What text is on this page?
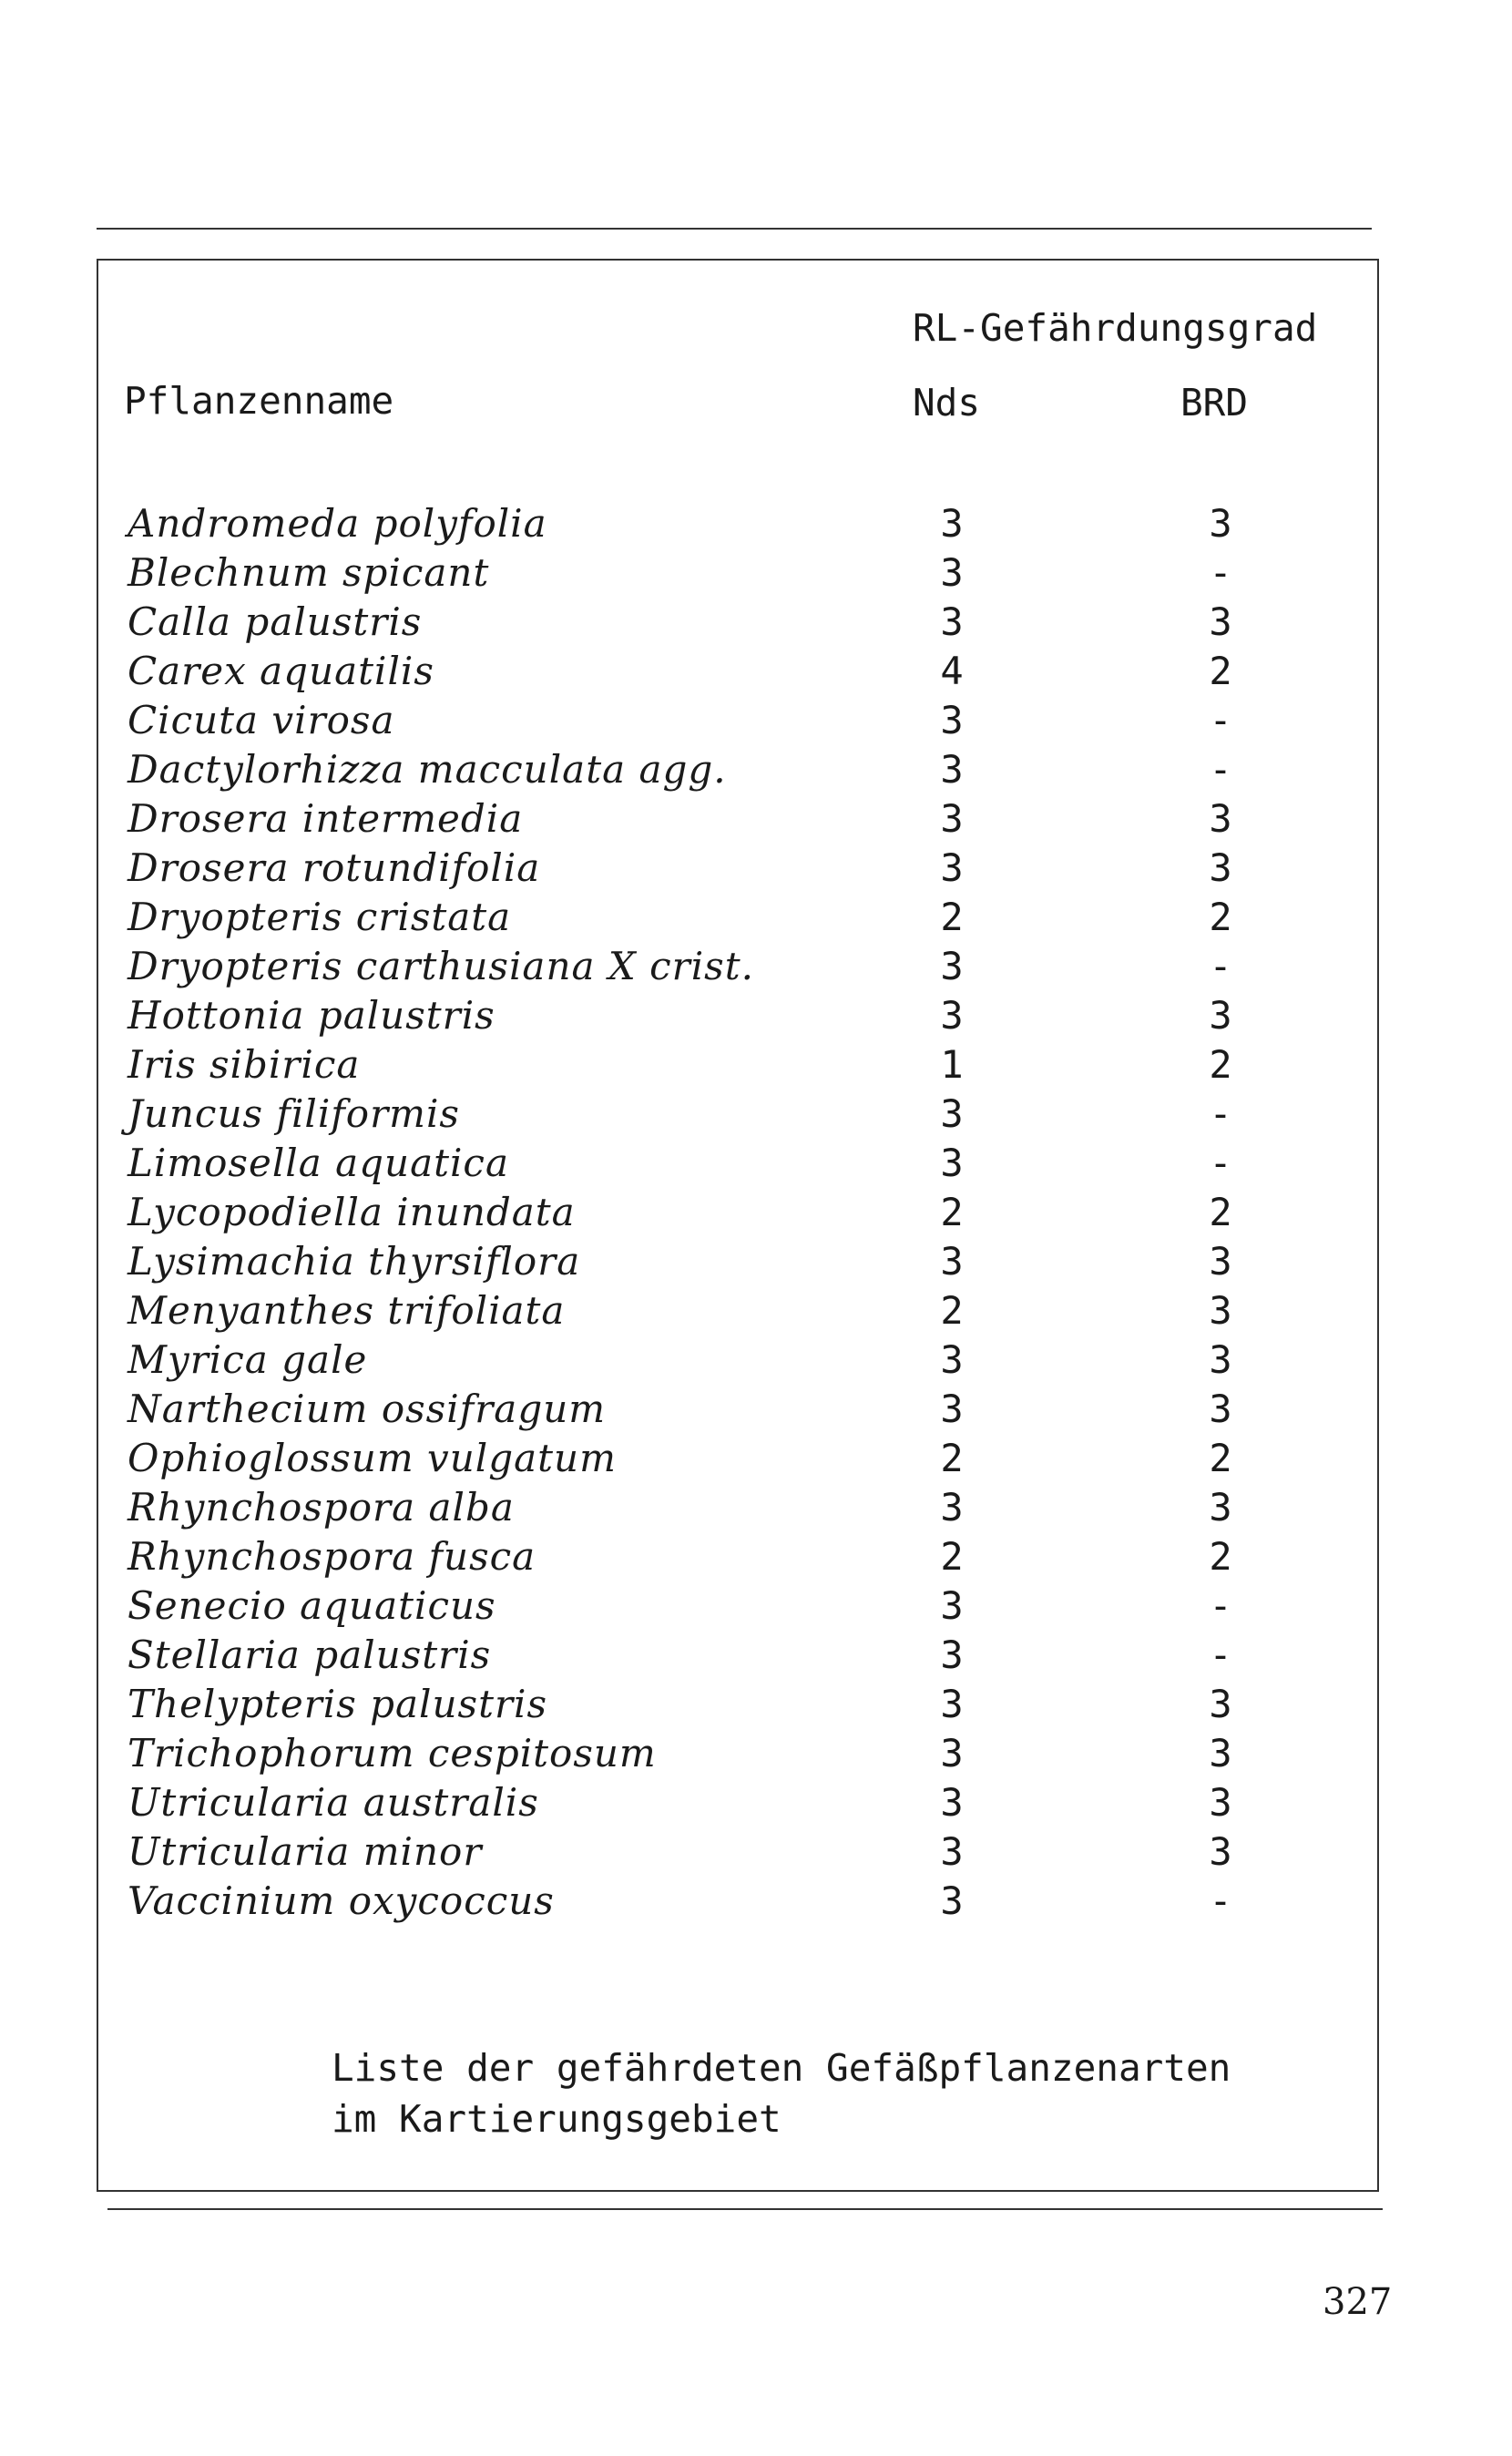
RL-Gefährdungsgrad
Pflanzenname	Nds	BRD
Andromeda polyfolia	3	3
Blechnum spicant	3	-
Calla palustris	3	3
Carex aquatilis	4	2
Cicuta virosa	3	-
Dactylorhizza macculata agg.	3	-
Drosera intermedia	3	3
Drosera rotundifolia	3	3
Dryopteris cristata	2	2
Dryopteris carthusiana X crist.	3	-
Hottonia palustris	3	3
Iris sibirica	1	2
Juncus filiformis	3	-
Limosella aquatica	3	-
Lycopodiella inundata	2	2
Lysimachia thyrsiflora	3	3
Menyanthes trifoliata	2	3
Myrica gale	3	3
Narthecium ossifragum	3	3
Ophioglossum vulgatum	2	2
Rhynchospora alba	3	3
Rhynchospora fusca	2	2
Senecio aquaticus	3	-
Stellaria palustris	3	-
Thelypteris palustris	3	3
Trichophorum cespitosum	3	3
Utricularia australis	3	3
Utricularia minor	3	3
Vaccinium oxycoccus	3	-
Liste der gefährdeten Gefäßpflanzenarten
im Kartierungsgebiet
327
